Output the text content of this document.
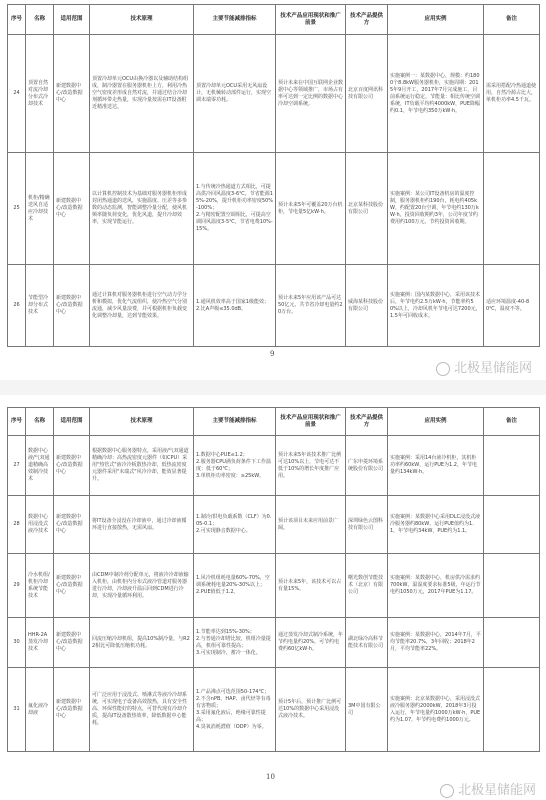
序号	名称	适用范围	技术原理	主要节能减排指标	技术产品应用现状和推广前景	技术产品提供方	应用实例	备注
24	顶置自然对流冷却分布式冷却技术	新建数据中心/改造数据中心	顶置冷却单元OCU由换冷器以及辅助结构组成，制冷器置在服务器机柜上方，利用冷热空气密度差形成自然对流，并通过结合冷却剂循环带走热量，实现冷量按需在IT设备附近精准送达。	顶置冷却单元OCU采用无风扇设计，无机械转动部件运行，实现空调末端零功耗。	预计未来在中国互联网企业数据中心等领域推广，市场占有率可达到一定比例的数据中心冷却空调系统。	北京百度网讯科技有限公司	实施案例一：某数据中心，规模：约1800个8.8kW服务器机柜，实施周期：2015年9月开工，2017年7月完成施工，目前系统运行稳定。节能量：相比传统空调系统，IT负载平均约4000kW，PUE降幅约0.1，年节电约350万kW·h。	需采用搭配冷热通道使用，自然冷源占比大，单机柜功率4.5千瓦。
25	机柜/精确送风自适应冷却技术	新建数据中心/改造数据中心	以计算机控制技术为基础对服务器机柜形成封闭热通道的送风，实施温度、压差等多参数的动态监测，智能调整冷量分配，使风机频率随负荷变化，优化风道，提升冷却效率，实现节能运行。	1.与传统冷热通道方式相比，可提高供冷回风温度3-6℃，节省能源15%-20%，提升机柜功率密度50%-100%；
2.与精密配置空调相比，可提高空调回风温度3-5℃，节省电费10%-15%。	预计未来5年可覆盖20万台机柜，节电量5亿kW·h。	北京某科技股份有限公司	实施案例：某公司IT设备机房的温度控制，服务器机柜约190台，耗电约405kW，约配置20台空调，年节电约130万kW·h，投资回收期约3年，公司年度节约费用约100万元，节约投资回收期。	
26	节能型冷却分布式技术	新建数据中心/改造数据中心	通过计算机对服务器机柜进行空气动力学分析和模拟，优化气流组织，使冷热空气分别流通，减少风量浪费，并可根据机柜负载变化调整冷却量，达到节能效果。	1.通风机效率高于国家1级能效；
2.比A声级≤35.0dB。	预计未来5年应用该产品可达50亿元，共节省冷却电量约20万台。	威海某科技股份有限公司	实施案例：国内某数据中心，采用该技术后，年节电约2.5万kW·h，节能率约50%以上，冷却风机年节电可达7200元，1.5年可回收成本。	适应环境温度-40-80℃，温度不等。
9
北极星储能网
序号	名称	适用范围	技术原理	主要节能减排指标	技术产品应用现状和推广前景	技术产品提供方	应用实例	备注
27	数据中心液/气双通道精确高效制冷技术	新建数据中心/改造数据中心	根据数据中心服务器特点，采用液/气双通道精确冷却：高热流密度元器件（如CPU）采用"热管式"液冷冷板散热冷却，低热流密度元器件采用"末端式"风冷冷却，能效显著提升。	1.数据中心PUE≤1.2；
2.服务器CPU满负荷条件下工作温度：低于60℃；
3.单机柜功率密度：≥25kW。	预计未来5年该技术推广比例可达10%以上，节电可达不低于10%的增长年度推广应用。	广东申菱环境系统股份有限公司	实施案例：采用14台液冷机柜，其机柜功率约60kW，运行PUE为1.2，年节电量约134kW·h。	
28	数据中心用浸没式液冷技术	新建数据中心/改造数据中心	将IT设备全浸没在冷却液中，通过冷却液循环进行直接散热，无需风扇。	1.制冷/供电负载系数（CLF）为0.05-0.1；
2.可实现静音数据中心。	预计该项目未来应用前景广阔。	深圳绿色云图科技有限公司	实施案例：某数据中心采用DLC浸没式液冷服务器约80kW，运行PUE值约为1.1，年节电约34kW，PUE约为1.1。	
29	冷水机组/机柜冷却系统节能技术	新建数据中心/改造数据中心	由CDM中制冷剂分配单元，将液冷冷却液输入机柜，由机柜内分布式液冷管道对服务器进行冷却，冷却液升温后回到CDM进行冷却，实现冷量循环利用。	1.风冷机组耗电量60%-70%，空调系统耗电量20%-30%以上；
2.PUE值低于1.2。	预计未来5年，该技术可以占有量15%。	曙光数创节能技术（北京）有限公司	实施案例：某数据中心，机房供冷需求约700kW，温湿度要求标准5级，年运行节电约1050万元，2017年PUE为1.17。	
30	HHR-2A蒸发冷却技术	新建数据中心/改造数据中心	回流压缩冷却机组，提高10%制冷量，与R22相比可降低压缩机功耗。	1.节能率达到15%-30%；
2.与普通冷却塔比较，机组冷量提高，机组可靠性提高；
3.可实现制冷、蓄冷一体化。	通过蒸发冷却式制冷系统，年节约电量约20%，可节约电费约60亿kW·h。	湖北绿冷高科节能技术有限公司	实施案例：某数据中心，2014年7月，平均节能率20.7%，3年回收；2018年2月，平均节能率22%。	
31	氟化液冷却液	新建数据中心/改造数据中心	可广泛应用于浸没式、喷淋式等液冷冷却系统，可实现电子设备高效散热，具有安全性高、环保性能好的特点，可替代现有冷却介质，提高IT设备散热效率，降低数据中心能耗。	1.产品沸点可选范围50-174℃；
2.不含nPB、HAP、卤代烃等有毒有害物质；
3.采用氟化液后，绝缘可靠性提高；
4.臭氧消耗潜值（ODP）为零。	预计5年后，预计推广比例可达10%的数据中心采用浸没式液冷技术。	3M中国有限公司	实施案例：北京某数据中心，采用浸没式液冷服务器约2000kW，2018年3月投入运行，年节电量约1000万kW·h，PUE约为1.07，年节约电费约1000万元。	
10
北极星储能网
